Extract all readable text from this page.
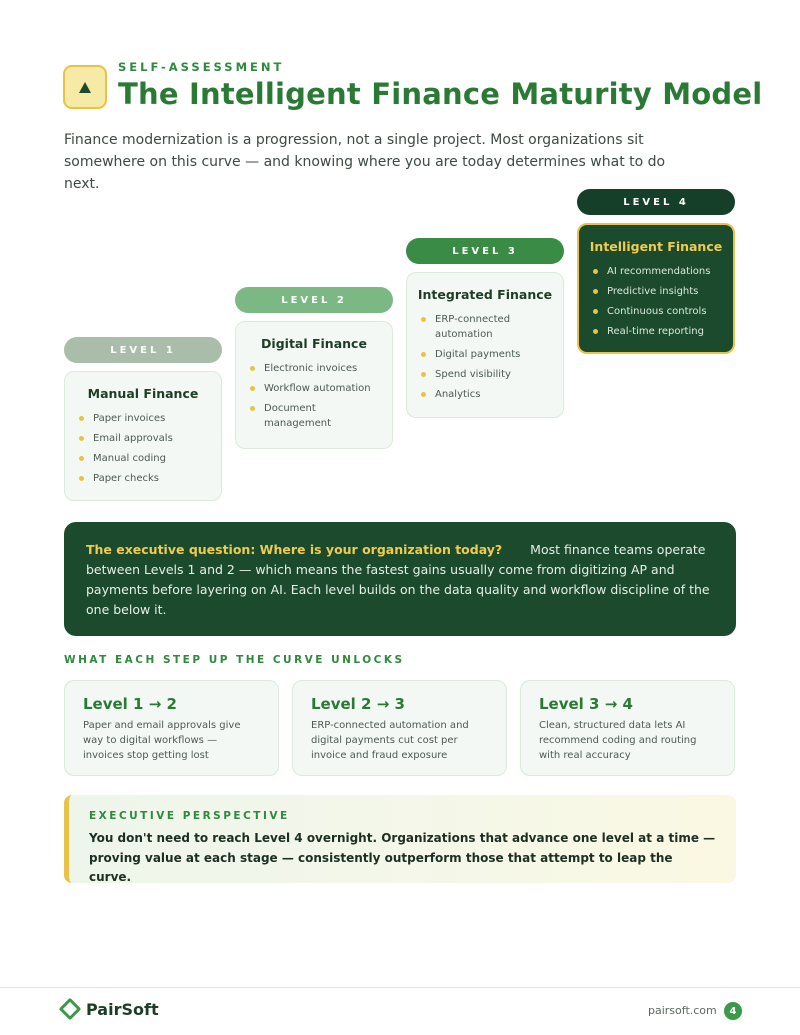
SELF-ASSESSMENT
The Intelligent Finance Maturity Model
Finance modernization is a progression, not a single project. Most organizations sit somewhere on this curve — and knowing where you are today determines what to do next.
LEVEL 1
Manual Finance
Paper invoices
Email approvals
Manual coding
Paper checks
LEVEL 2
Digital Finance
Electronic invoices
Workflow automation
Document management
LEVEL 3
Integrated Finance
ERP-connected automation
Digital payments
Spend visibility
Analytics
LEVEL 4
Intelligent Finance
AI recommendations
Predictive insights
Continuous controls
Real-time reporting
The executive question: Where is your organization today? Most finance teams operate between Levels 1 and 2 — which means the fastest gains usually come from digitizing AP and payments before layering on AI. Each level builds on the data quality and workflow discipline of the one below it.
WHAT EACH STEP UP THE CURVE UNLOCKS
Level 1 → 2

Paper and email approvals give way to digital workflows — invoices stop getting lost

Level 2 → 3

ERP-connected automation and digital payments cut cost per invoice and fraud exposure

Level 3 → 4

Clean, structured data lets AI recommend coding and routing with real accuracy

EXECUTIVE PERSPECTIVE
You don't need to reach Level 4 overnight. Organizations that advance one level at a time — proving value at each stage — consistently outperform those that attempt to leap the curve.
PairSoft	pairsoft.com	4
